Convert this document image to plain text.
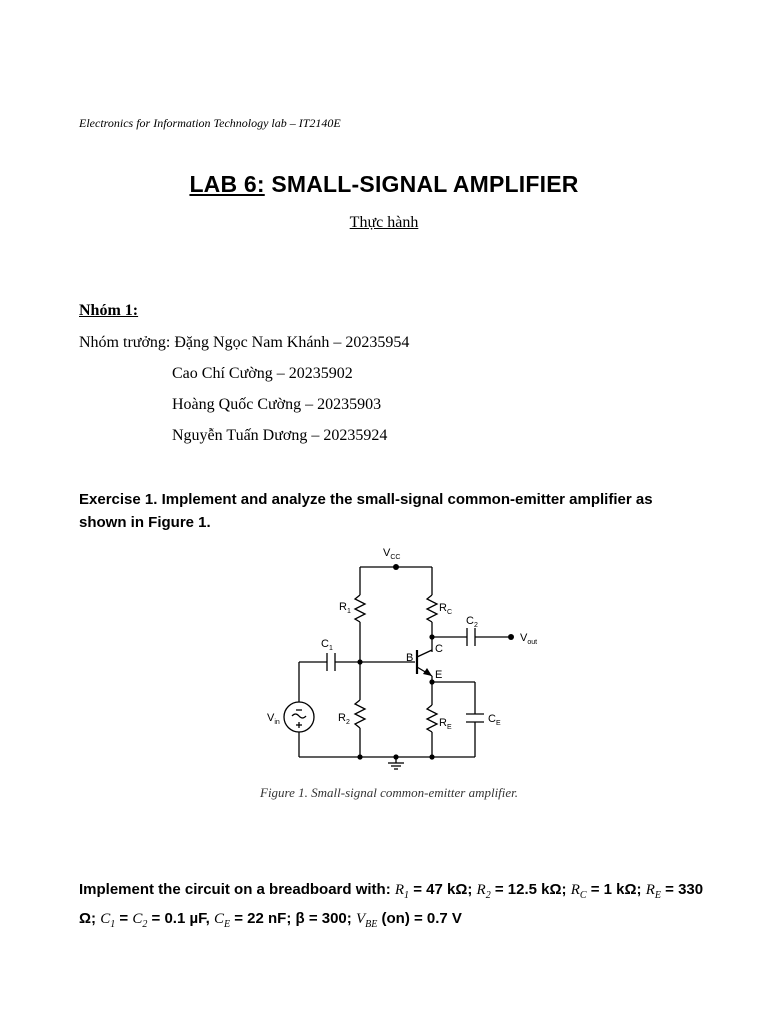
Electronics for Information Technology lab – IT2140E
LAB 6: SMALL-SIGNAL AMPLIFIER
Thực hành
Nhóm 1:
Nhóm trưởng: Đặng Ngọc Nam Khánh – 20235954
Cao Chí Cường – 20235902
Hoàng Quốc Cường – 20235903
Nguyễn Tuấn Dương – 20235924
Exercise 1. Implement and analyze the small-signal common-emitter amplifier as shown in Figure 1.
$V_{CC}$
$R_1$	$R_C$
$C_2$
$V_{out}$
$C_1$
B
C
E
$V_{in}$	$R_2$	$R_E$
$C_E$
Figure 1. Small-signal common-emitter amplifier.
Implement the circuit on a breadboard with: $R_1 = 47$ kΩ; $R_2 = 12.5$ kΩ; $R_C = 1$ kΩ; $R_E = 330$ Ω; $C_1 = C_2 = 0.1$ µF, $C_E = 22$ nF; β = 300; $V_{BE}$ (on) = 0.7 V
